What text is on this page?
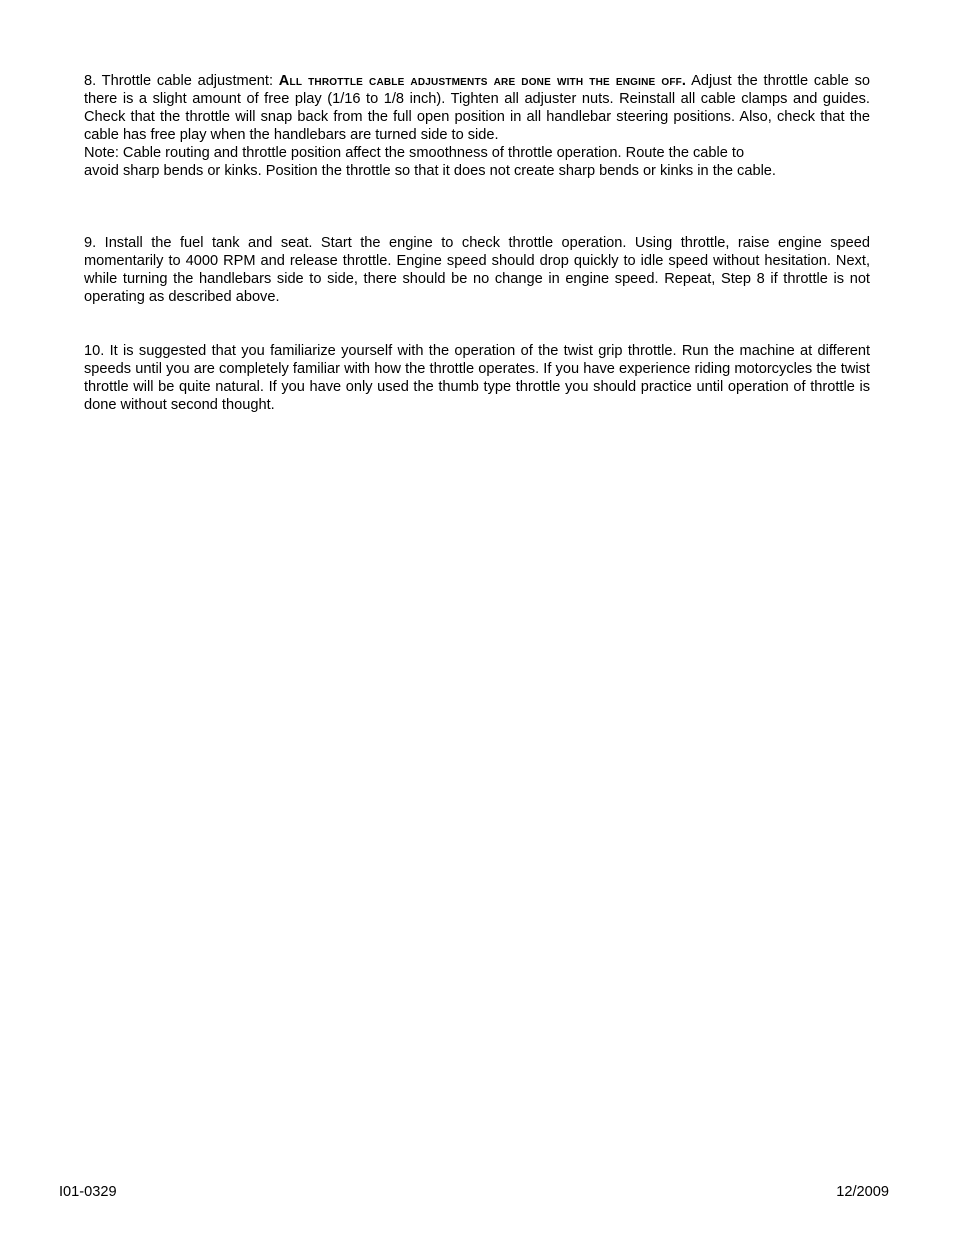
8. Throttle cable adjustment: All throttle cable adjustments are done with the engine off. Adjust the throttle cable so there is a slight amount of free play (1/16 to 1/8 inch). Tighten all adjuster nuts. Reinstall all cable clamps and guides. Check that the throttle will snap back from the full open position in all handlebar steering positions. Also, check that the cable has free play when the handlebars are turned side to side.
Note: Cable routing and throttle position affect the smoothness of throttle operation. Route the cable to
avoid sharp bends or kinks. Position the throttle so that it does not create sharp bends or kinks in the cable.

9. Install the fuel tank and seat. Start the engine to check throttle operation. Using throttle, raise engine speed momentarily to 4000 RPM and release throttle. Engine speed should drop quickly to idle speed without hesitation. Next, while turning the handlebars side to side, there should be no change in engine speed. Repeat, Step 8 if throttle is not operating as described above.

10. It is suggested that you familiarize yourself with the operation of the twist grip throttle. Run the machine at different speeds until you are completely familiar with how the throttle operates. If you have experience riding motorcycles the twist throttle will be quite natural. If you have only used the thumb type throttle you should practice until operation of throttle is done without second thought.

I01-0329	12/2009
